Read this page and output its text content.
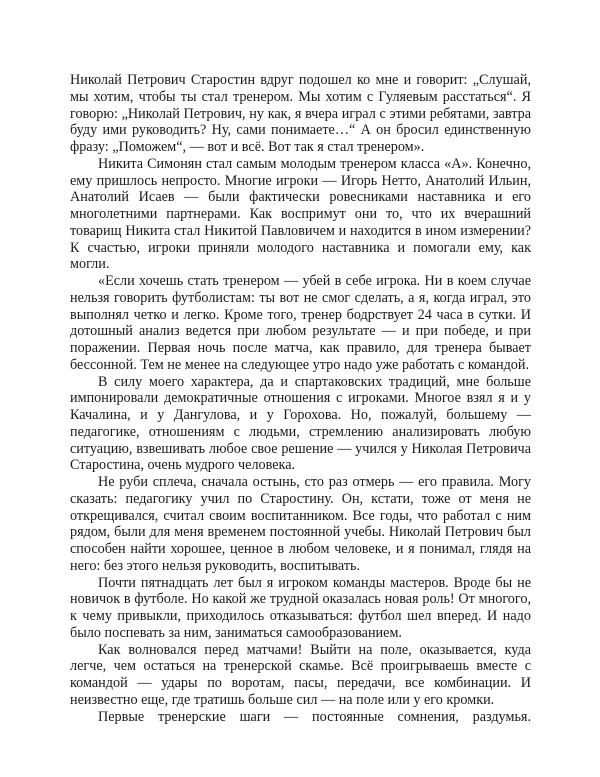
Николай Петрович Старостин вдруг подошел ко мне и говорит: „Слушай,
мы хотим, чтобы ты стал тренером. Мы хотим с Гуляевым расстаться“. Я
говорю: „Николай Петрович, ну как, я вчера играл с этими ребятами, завтра
буду ими руководить? Ну, сами понимаете…“ А он бросил единственную
фразу: „Поможем“, — вот и всё. Вот так я стал тренером».
Никита Симонян стал самым молодым тренером класса «А». Конечно,
ему пришлось непросто. Многие игроки — Игорь Нетто, Анатолий Ильин,
Анатолий Исаев — были фактически ровесниками наставника и его
многолетними партнерами. Как воспримут они то, что их вчерашний
товарищ Никита стал Никитой Павловичем и находится в ином измерении?
К счастью, игроки приняли молодого наставника и помогали ему, как
могли.
«Если хочешь стать тренером — убей в себе игрока. Ни в коем случае
нельзя говорить футболистам: ты вот не смог сделать, а я, когда играл, это
выполнял четко и легко. Кроме того, тренер бодрствует 24 часа в сутки. И
дотошный анализ ведется при любом результате — и при победе, и при
поражении. Первая ночь после матча, как правило, для тренера бывает
бессонной. Тем не менее на следующее утро надо уже работать с командой.
В силу моего характера, да и спартаковских традиций, мне больше
импонировали демократичные отношения с игроками. Многое взял я и у
Качалина, и у Дангулова, и у Горохова. Но, пожалуй, большему —
педагогике, отношениям с людьми, стремлению анализировать любую
ситуацию, взвешивать любое свое решение — учился у Николая Петровича
Старостина, очень мудрого человека.
Не руби сплеча, сначала остынь, сто раз отмерь — его правила. Могу
сказать: педагогику учил по Старостину. Он, кстати, тоже от меня не
открещивался, считал своим воспитанником. Все годы, что работал с ним
рядом, были для меня временем постоянной учебы. Николай Петрович был
способен найти хорошее, ценное в любом человеке, и я понимал, глядя на
него: без этого нельзя руководить, воспитывать.
Почти пятнадцать лет был я игроком команды мастеров. Вроде бы не
новичок в футболе. Но какой же трудной оказалась новая роль! От многого,
к чему привыкли, приходилось отказываться: футбол шел вперед. И надо
было поспевать за ним, заниматься самообразованием.
Как волновался перед матчами! Выйти на поле, оказывается, куда
легче, чем остаться на тренерской скамье. Всё проигрываешь вместе с
командой — удары по воротам, пасы, передачи, все комбинации. И
неизвестно еще, где тратишь больше сил — на поле или у его кромки.
Первые тренерские шаги — постоянные сомнения, раздумья.
